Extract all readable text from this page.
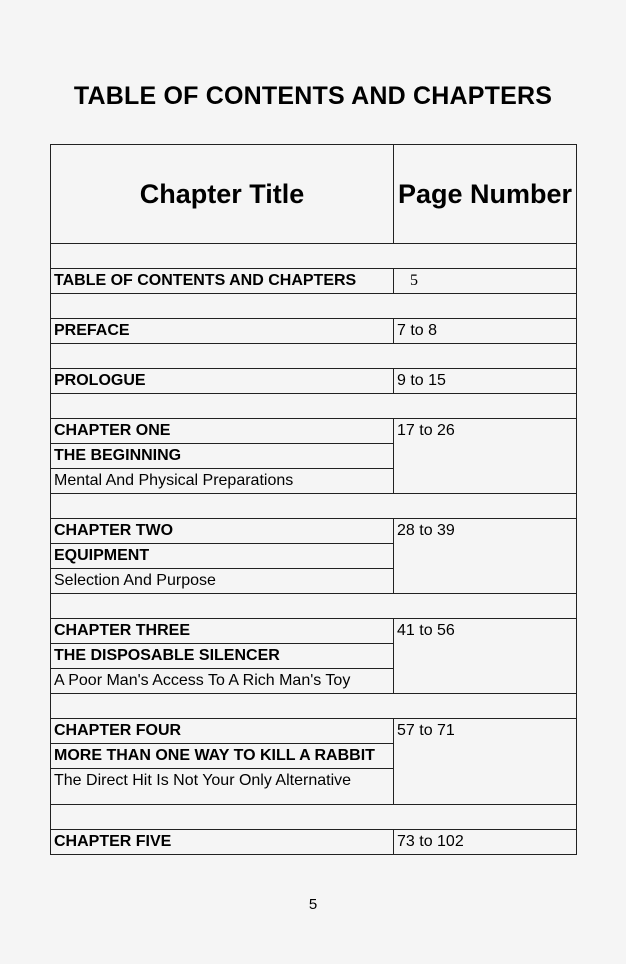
TABLE OF CONTENTS AND CHAPTERS
Chapter Title	Page Number

TABLE OF CONTENTS AND CHAPTERS	5

PREFACE	7 to 8

PROLOGUE	9 to 15

CHAPTER ONE	17 to 26
THE BEGINNING	
Mental And Physical Preparations	

CHAPTER TWO	28 to 39
EQUIPMENT	
Selection And Purpose	

CHAPTER THREE	41 to 56
THE DISPOSABLE SILENCER	
A Poor Man's Access To A Rich Man's Toy	

CHAPTER FOUR	57 to 71
MORE THAN ONE WAY TO KILL A RABBIT	
The Direct Hit Is Not Your Only Alternative	

CHAPTER FIVE	73 to 102
5
